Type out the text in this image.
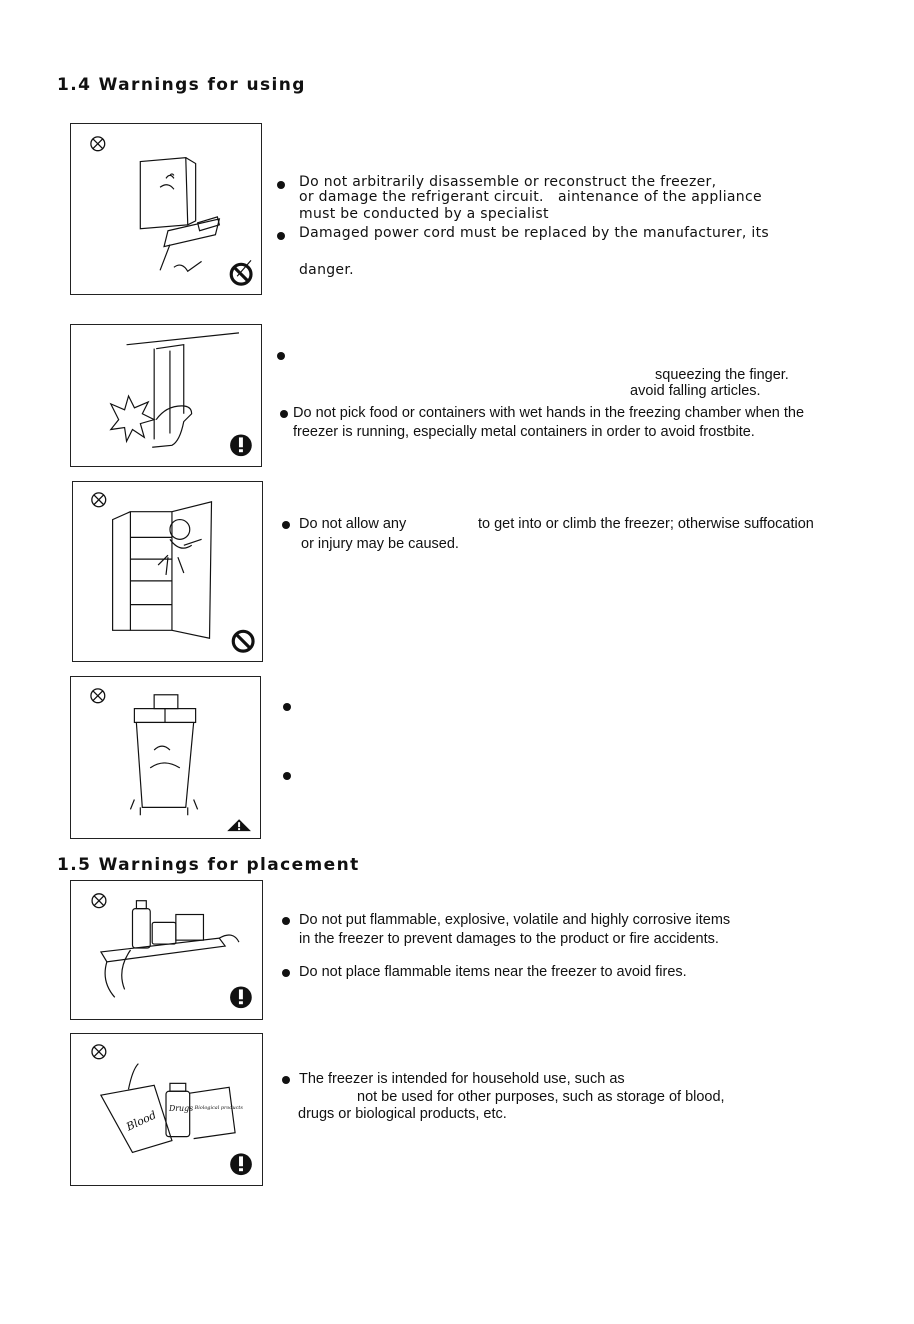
1.4 Warnings for using

Do not arbitrarily disassemble or reconstruct the freezer,

or damage the refrigerant circuit.   aintenance of the appliance

must be conducted by a specialist

Damaged power cord must be replaced by the manufacturer, its

danger.

squeezing the finger.

avoid falling articles.

Do not pick food or containers with wet hands in the freezing chamber when the

freezer is running, especially metal containers in order to avoid frostbite.

Do not allow any	to get into or climb the freezer; otherwise suffocation

or injury may be caused.

1.5 Warnings for placement

Do not put flammable, explosive, volatile and highly corrosive items

in the freezer to prevent damages to the product or fire accidents.

Do not place flammable items near the freezer to avoid fires.

Blood Drugs Biological products

The freezer is intended for household use, such as

not be used for other purposes, such as storage of blood,

drugs or biological products, etc.
